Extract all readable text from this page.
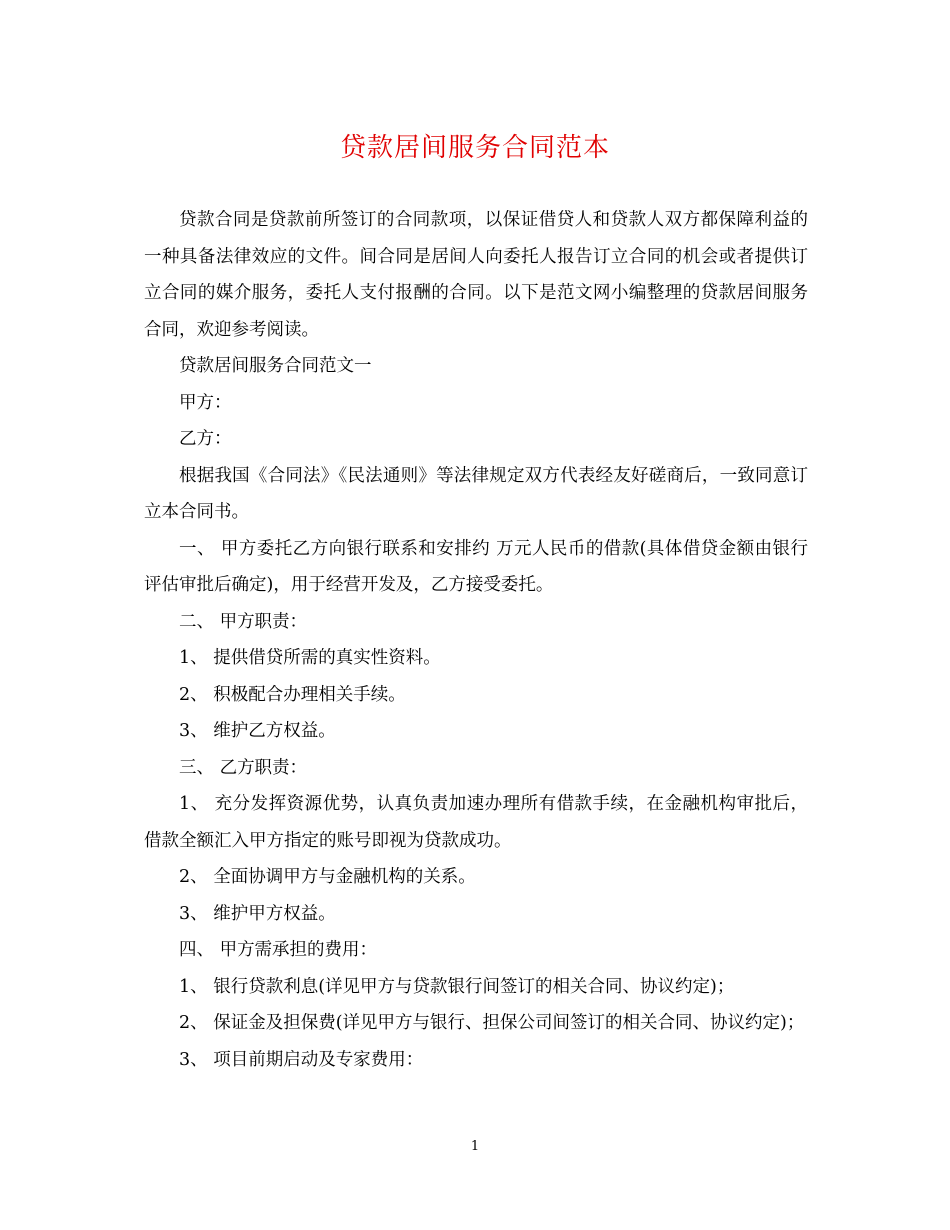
贷款居间服务合同范本

贷款合同是贷款前所签订的合同款项，以保证借贷人和贷款人双方都保障利益的一种具备法律效应的文件。间合同是居间人向委托人报告订立合同的机会或者提供订立合同的媒介服务，委托人支付报酬的合同。以下是范文网小编整理的贷款居间服务合同，欢迎参考阅读。

贷款居间服务合同范文一

甲方：

乙方：

根据我国《合同法》《民法通则》等法律规定双方代表经友好磋商后，一致同意订立本合同书。

一、 甲方委托乙方向银行联系和安排约 万元人民币的借款(具体借贷金额由银行评估审批后确定)，用于经营开发及，乙方接受委托。

二、 甲方职责：

1、 提供借贷所需的真实性资料。

2、 积极配合办理相关手续。

3、 维护乙方权益。

三、 乙方职责：

1、 充分发挥资源优势，认真负责加速办理所有借款手续，在金融机构审批后，借款全额汇入甲方指定的账号即视为贷款成功。

2、 全面协调甲方与金融机构的关系。

3、 维护甲方权益。

四、 甲方需承担的费用：

1、 银行贷款利息(详见甲方与贷款银行间签订的相关合同、协议约定)；

2、 保证金及担保费(详见甲方与银行、担保公司间签订的相关合同、协议约定)；

3、 项目前期启动及专家费用：

1
